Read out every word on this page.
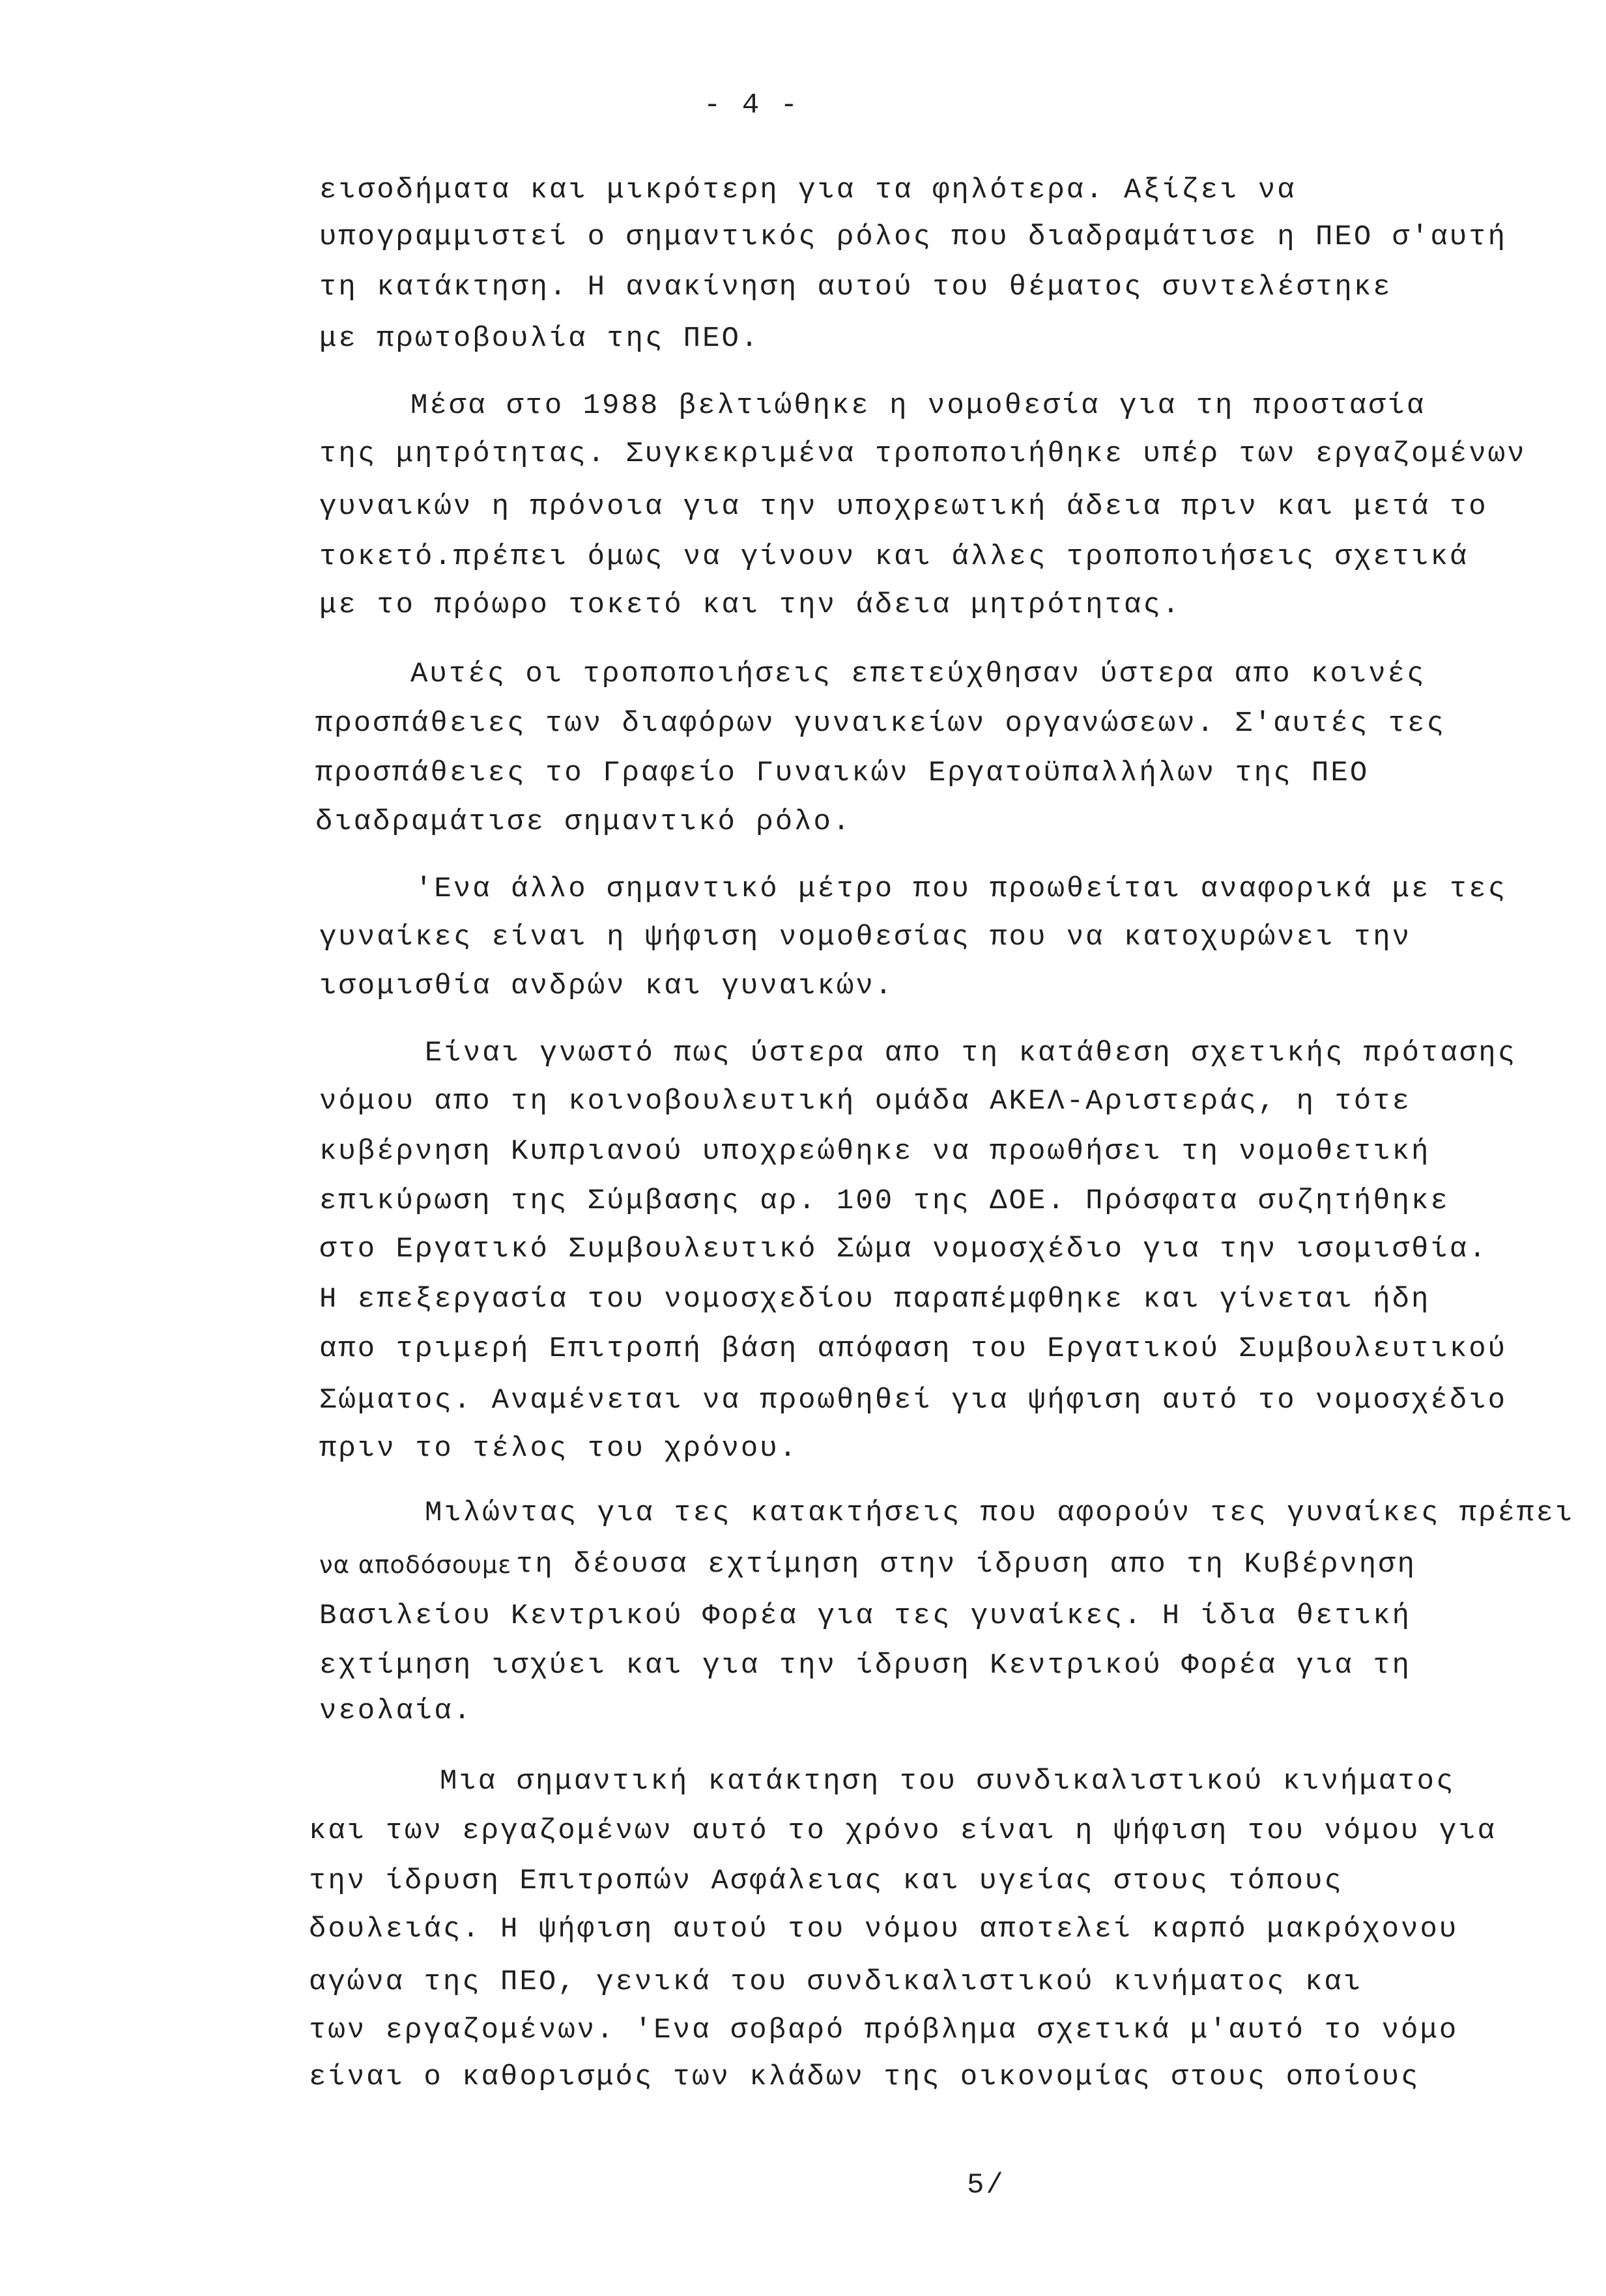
- 4 -
εισοδήματα και μικρότερη για τα φηλότερα. Αξίζει να
υπογραμμιστεί ο σημαντικός ρόλος που διαδραμάτισε η ΠΕΟ σ'αυτή
τη κατάκτηση. Η ανακίνηση αυτού του θέματος συντελέστηκε
με πρωτοβουλία της ΠΕΟ.
Μέσα στο 1988 βελτιώθηκε η νομοθεσία για τη προστασία
της μητρότητας. Συγκεκριμένα τροποποιήθηκε υπέρ των εργαζομένων
γυναικών η πρόνοια για την υποχρεωτική άδεια πριν και μετά το
τοκετό.πρέπει όμως να γίνουν και άλλες τροποποιήσεις σχετικά
με το πρόωρο τοκετό και την άδεια μητρότητας.
Αυτές οι τροποποιήσεις επετεύχθησαν ύστερα απο κοινές
προσπάθειες των διαφόρων γυναικείων οργανώσεων. Σ'αυτές τες
προσπάθειες το Γραφείο Γυναικών Εργατοϋπαλλήλων της ΠΕΟ
διαδραμάτισε σημαντικό ρόλο.
'Ενα άλλο σημαντικό μέτρο που προωθείται αναφορικά με τες
γυναίκες είναι η ψήφιση νομοθεσίας που να κατοχυρώνει την
ισομισθία ανδρών και γυναικών.
Είναι γνωστό πως ύστερα απο τη κατάθεση σχετικής πρότασης
νόμου απο τη κοινοβουλευτική ομάδα ΑΚΕΛ-Αριστεράς, η τότε
κυβέρνηση Κυπριανού υποχρεώθηκε να προωθήσει τη νομοθετική
επικύρωση της Σύμβασης αρ. 100 της ΔΟΕ. Πρόσφατα συζητήθηκε
στο Εργατικό Συμβουλευτικό Σώμα νομοσχέδιο για την ισομισθία.
Η επεξεργασία του νομοσχεδίου παραπέμφθηκε και γίνεται ήδη
απο τριμερή Επιτροπή βάση απόφαση του Εργατικού Συμβουλευτικού
Σώματος. Αναμένεται να προωθηθεί για ψήφιση αυτό το νομοσχέδιο
πριν το τέλος του χρόνου.
Μιλώντας για τες κατακτήσεις που αφορούν τες γυναίκες πρέπει
να αποδόσουμε τη δέουσα εχτίμηση στην ίδρυση απο τη Κυβέρνηση
Βασιλείου Κεντρικού Φορέα για τες γυναίκες. Η ίδια θετική
εχτίμηση ισχύει και για την ίδρυση Κεντρικού Φορέα για τη
νεολαία.
Μια σημαντική κατάκτηση του συνδικαλιστικού κινήματος
και των εργαζομένων αυτό το χρόνο είναι η ψήφιση του νόμου για
την ίδρυση Επιτροπών Ασφάλειας και υγείας στους τόπους
δουλειάς. Η ψήφιση αυτού του νόμου αποτελεί καρπό μακρόχονου
αγώνα της ΠΕΟ, γενικά του συνδικαλιστικού κινήματος και
των εργαζομένων. 'Ενα σοβαρό πρόβλημα σχετικά μ'αυτό το νόμο
είναι ο καθορισμός των κλάδων της οικονομίας στους οποίους
5/
